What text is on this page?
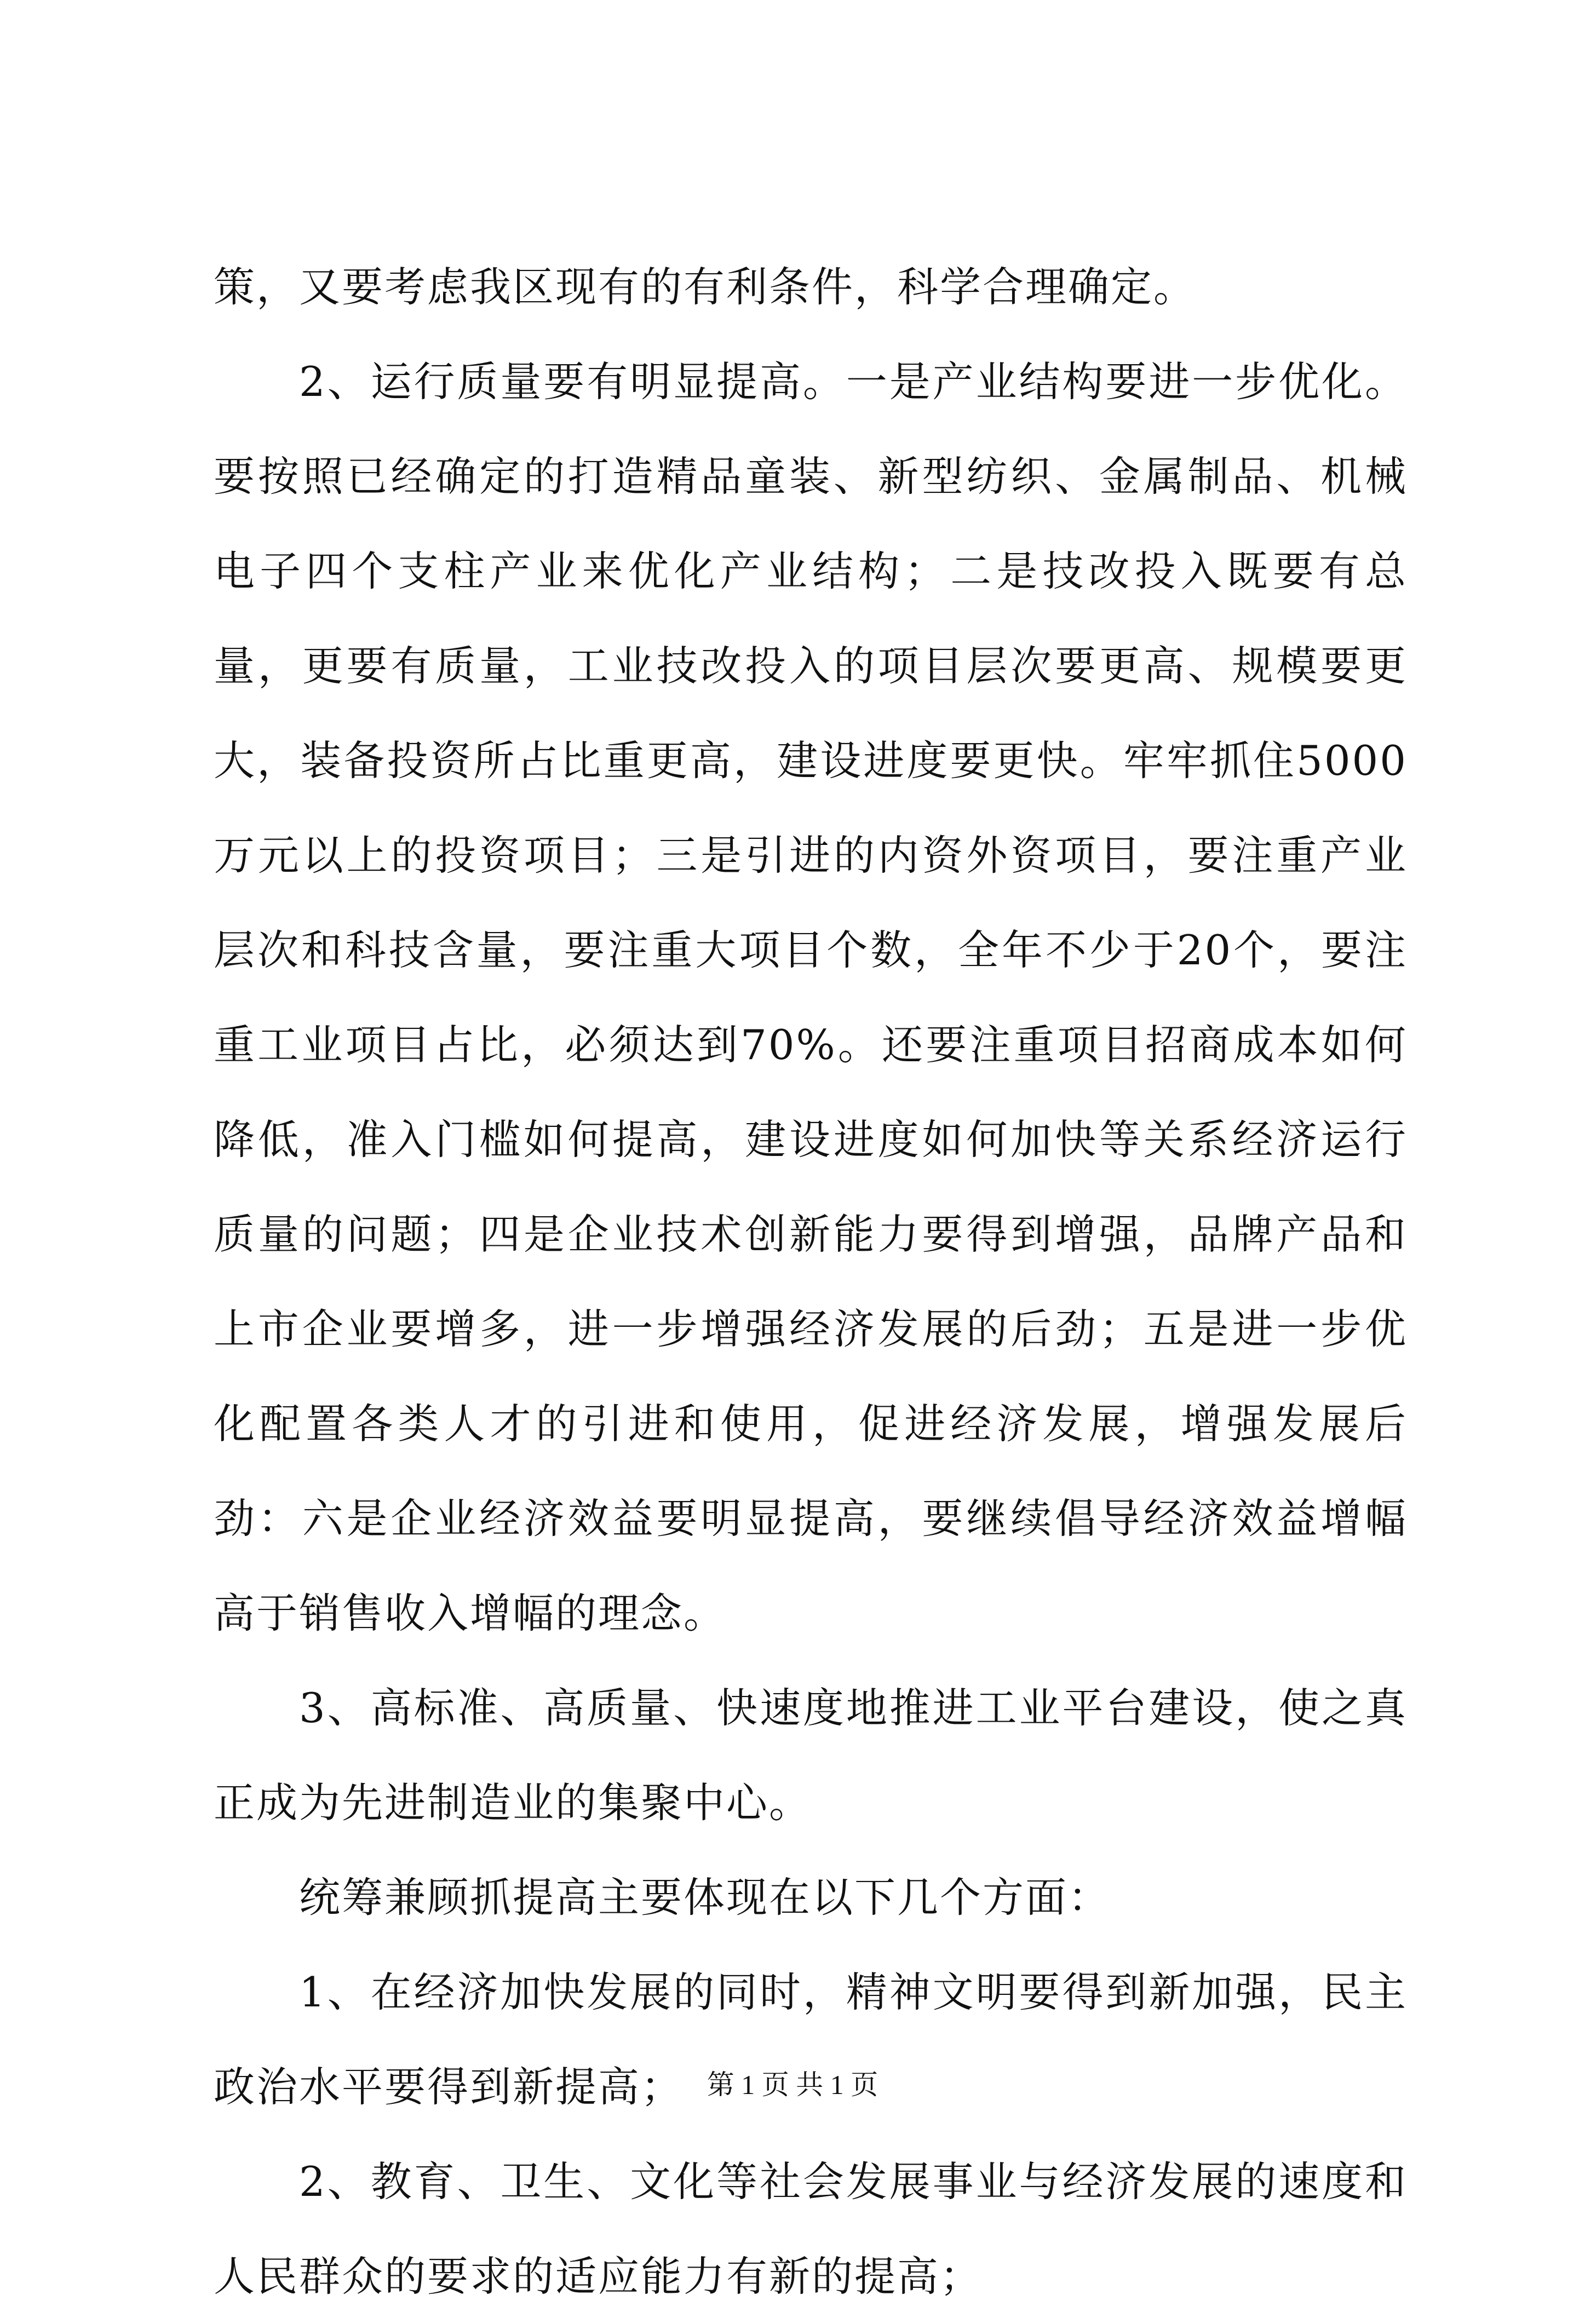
策，又要考虑我区现有的有利条件，科学合理确定。

2、运行质量要有明显提高。一是产业结构要进一步优化。要按照已经确定的打造精品童装、新型纺织、金属制品、机械电子四个支柱产业来优化产业结构；二是技改投入既要有总量，更要有质量，工业技改投入的项目层次要更高、规模要更大，装备投资所占比重更高，建设进度要更快。牢牢抓住5000万元以上的投资项目；三是引进的内资外资项目，要注重产业层次和科技含量，要注重大项目个数，全年不少于20个，要注重工业项目占比，必须达到70%。还要注重项目招商成本如何降低，准入门槛如何提高，建设进度如何加快等关系经济运行质量的问题；四是企业技术创新能力要得到增强，品牌产品和上市企业要增多，进一步增强经济发展的后劲；五是进一步优化配置各类人才的引进和使用，促进经济发展，增强发展后劲：六是企业经济效益要明显提高，要继续倡导经济效益增幅高于销售收入增幅的理念。

3、高标准、高质量、快速度地推进工业平台建设，使之真正成为先进制造业的集聚中心。

统筹兼顾抓提高主要体现在以下几个方面：

1、在经济加快发展的同时，精神文明要得到新加强，民主政治水平要得到新提高；

2、教育、卫生、文化等社会发展事业与经济发展的速度和人民群众的要求的适应能力有新的提高；

第 1 页 共 1 页
